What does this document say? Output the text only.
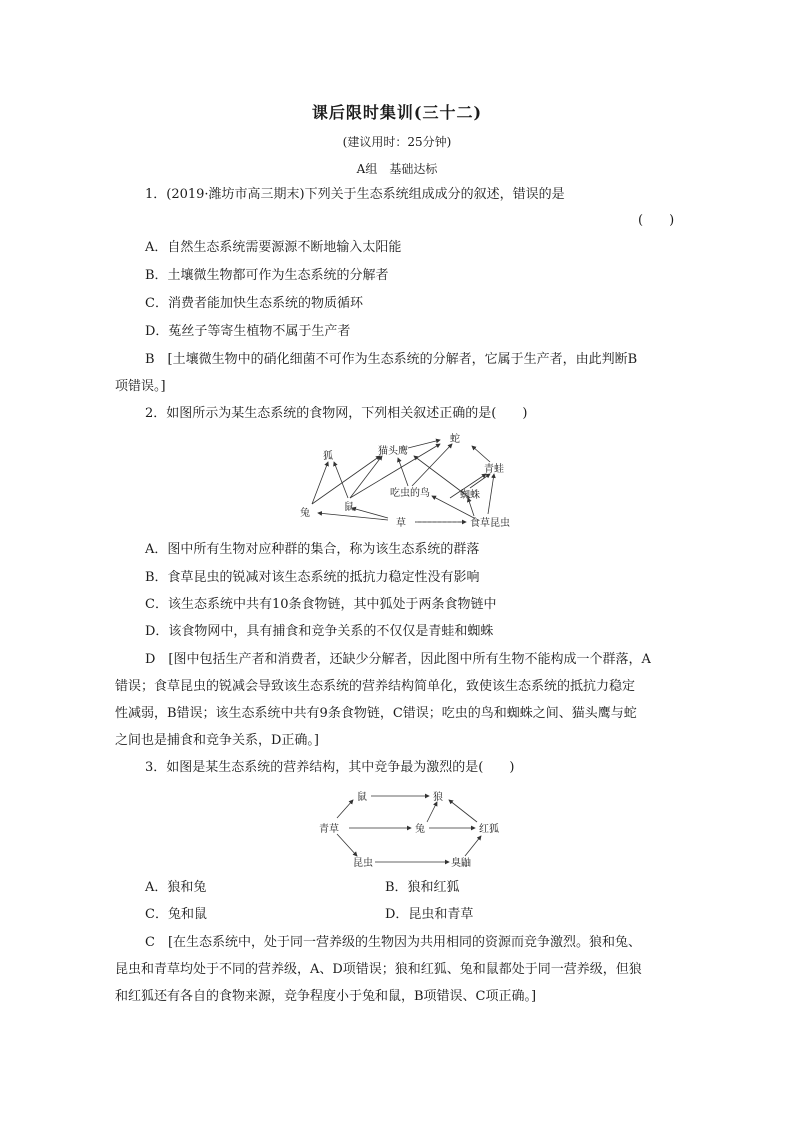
课后限时集训(三十二)
(建议用时：25分钟)
A组　基础达标
1．(2019·潍坊市高三期末)下列关于生态系统组成成分的叙述，错误的是
(　　)
A．自然生态系统需要源源不断地输入太阳能
B．土壤微生物都可作为生态系统的分解者
C．消费者能加快生态系统的物质循环
D．菟丝子等寄生植物不属于生产者
B　[土壤微生物中的硝化细菌不可作为生态系统的分解者，它属于生产者，由此判断B
项错误。]
2．如图所示为某生态系统的食物网，下列相关叙述正确的是(　　)
狐	猫头鹰
蛇
青蛙
兔
鼠
吃虫的鸟	蜘蛛
草	食草昆虫
A．图中所有生物对应种群的集合，称为该生态系统的群落
B．食草昆虫的锐减对该生态系统的抵抗力稳定性没有影响
C．该生态系统中共有10条食物链，其中狐处于两条食物链中
D．该食物网中，具有捕食和竞争关系的不仅仅是青蛙和蜘蛛
D　[图中包括生产者和消费者，还缺少分解者，因此图中所有生物不能构成一个群落，A
错误；食草昆虫的锐减会导致该生态系统的营养结构简单化，致使该生态系统的抵抗力稳定
性减弱，B错误；该生态系统中共有9条食物链，C错误；吃虫的鸟和蜘蛛之间、猫头鹰与蛇
之间也是捕食和竞争关系，D正确。]
3．如图是某生态系统的营养结构，其中竞争最为激烈的是(　　)
鼠	狼
青草	兔	红狐
昆虫	臭鼬
A．狼和兔	B．狼和红狐
C．兔和鼠	D．昆虫和青草
C　[在生态系统中，处于同一营养级的生物因为共用相同的资源而竞争激烈。狼和兔、
昆虫和青草均处于不同的营养级，A、D项错误；狼和红狐、兔和鼠都处于同一营养级，但狼
和红狐还有各自的食物来源，竞争程度小于兔和鼠，B项错误、C项正确。]
